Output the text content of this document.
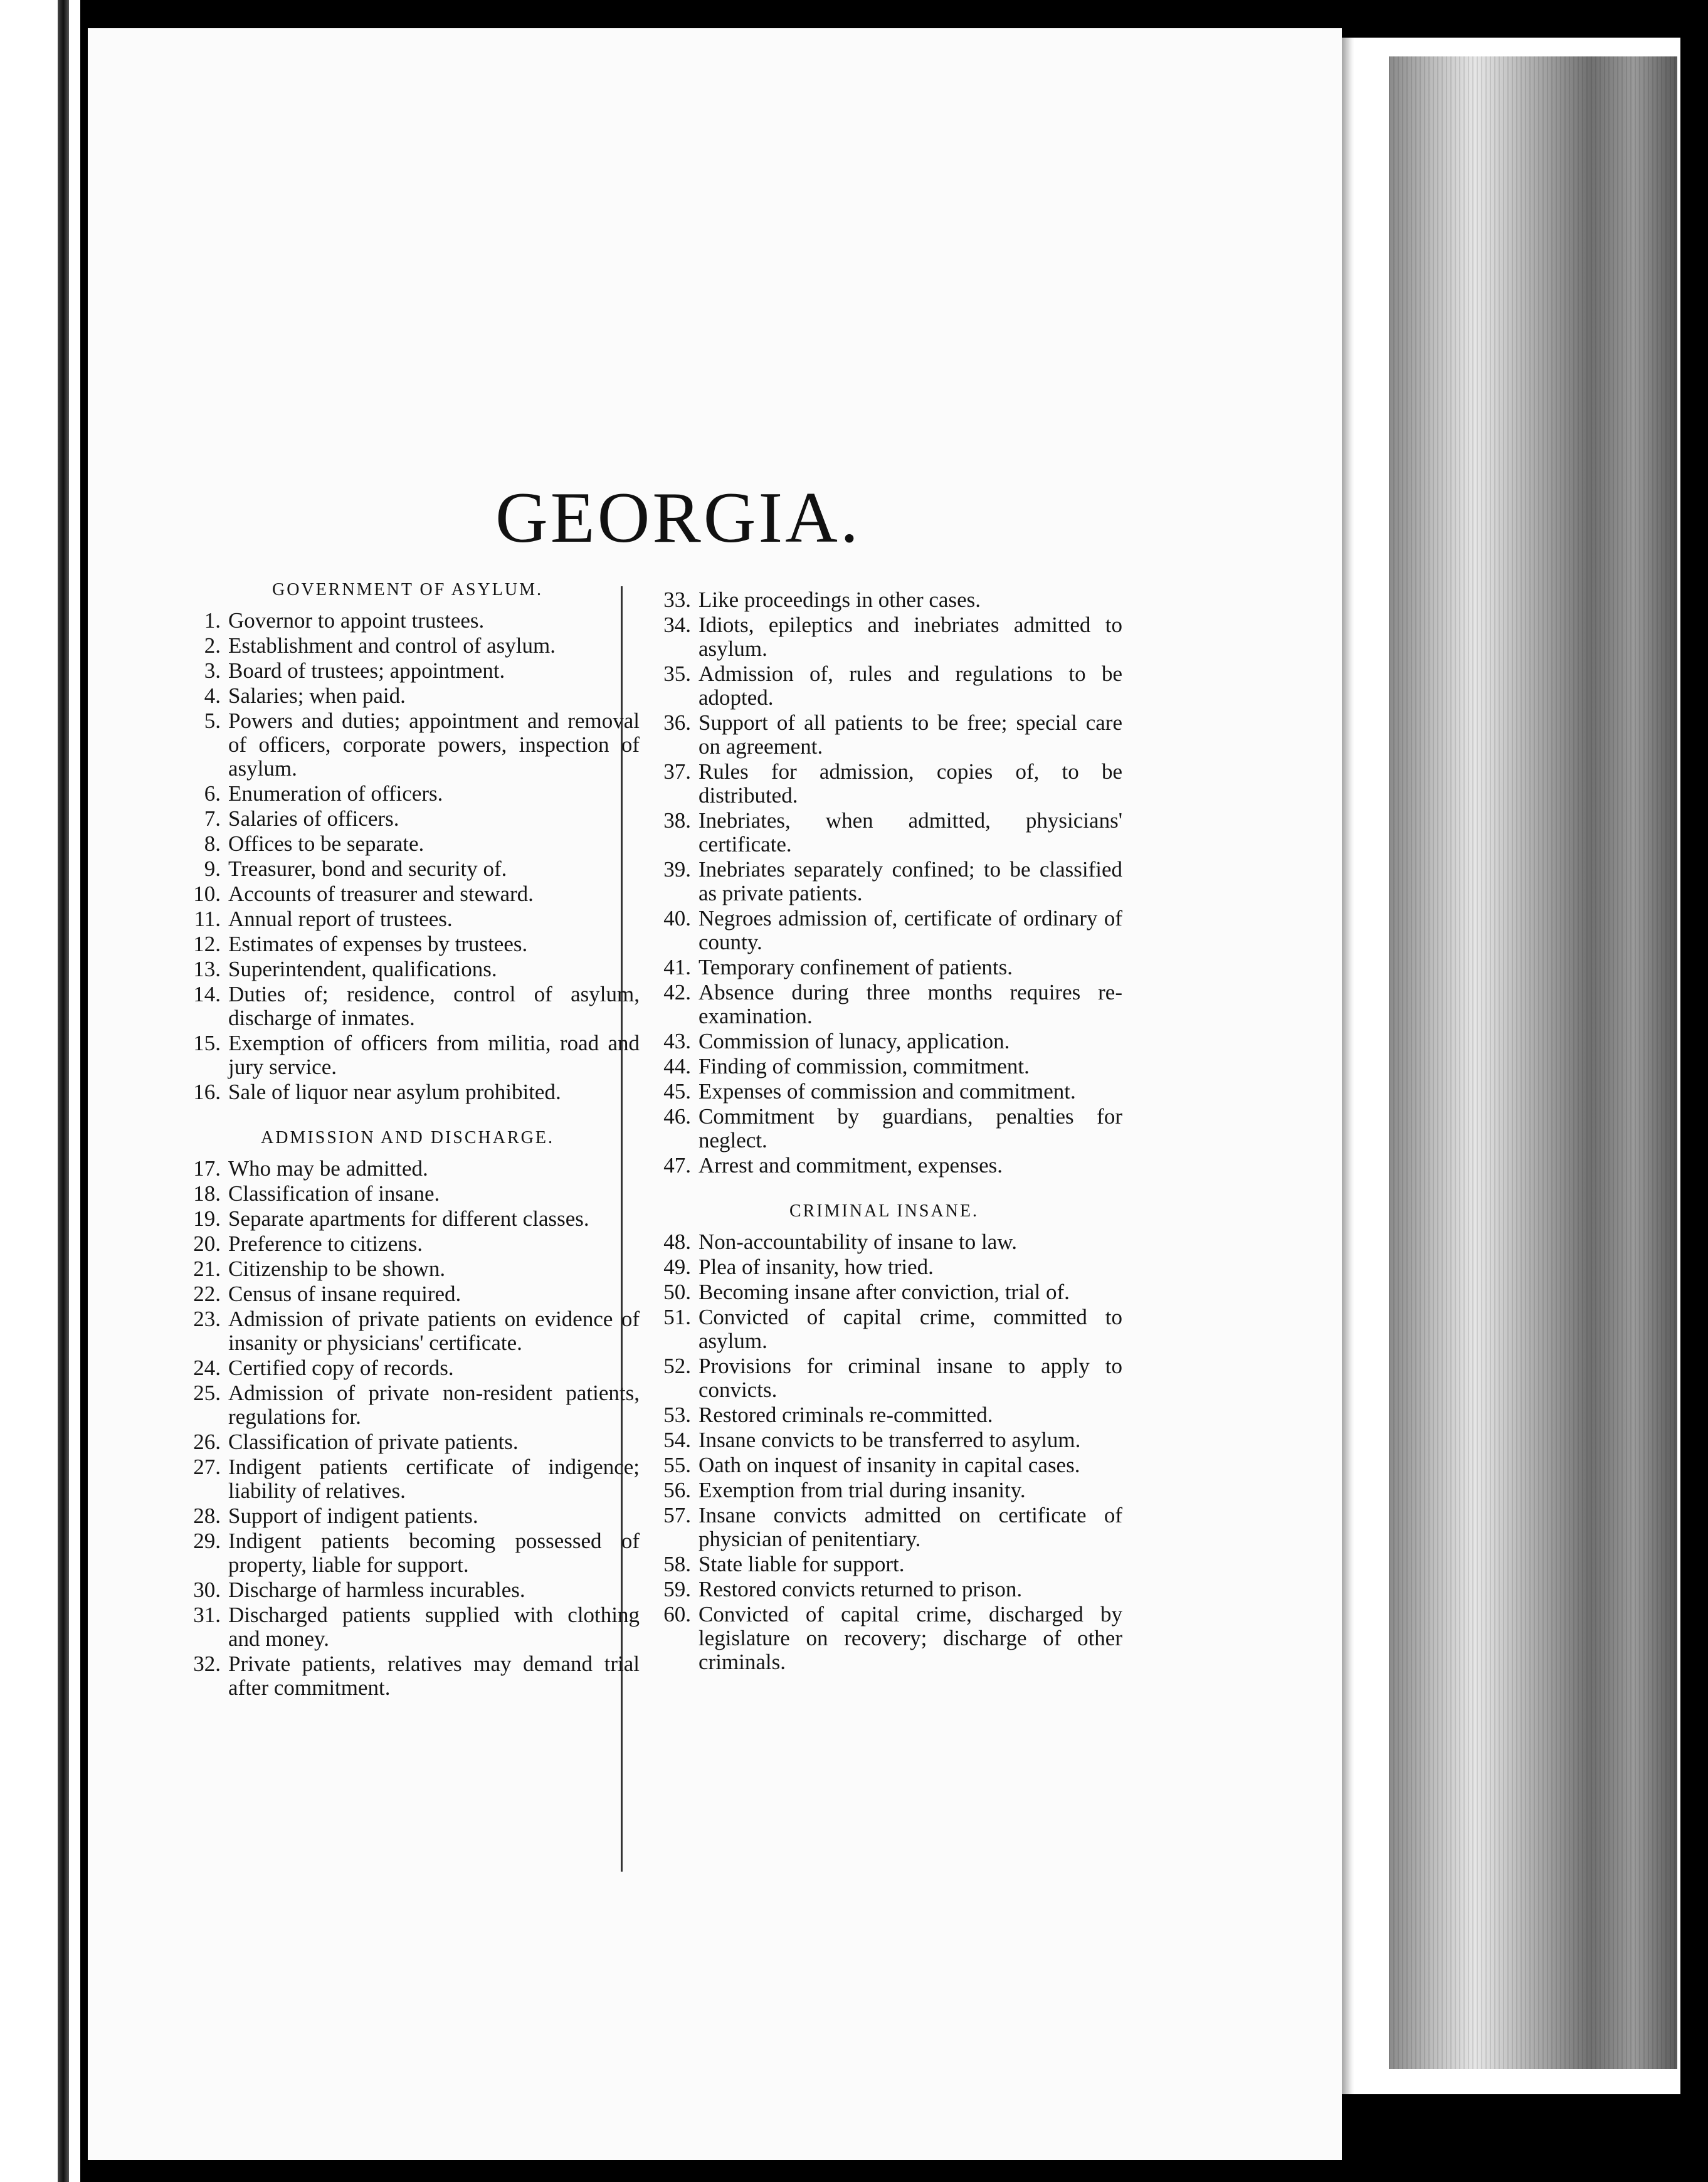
GEORGIA.
GOVERNMENT OF ASYLUM.
1. Governor to appoint trustees.
2. Establishment and control of asylum.
3. Board of trustees; appointment.
4. Salaries; when paid.
5. Powers and duties; appointment and removal of officers, corporate powers, inspection of asylum.
6. Enumeration of officers.
7. Salaries of officers.
8. Offices to be separate.
9. Treasurer, bond and security of.
10. Accounts of treasurer and steward.
11. Annual report of trustees.
12. Estimates of expenses by trustees.
13. Superintendent, qualifications.
14. Duties of; residence, control of asylum, discharge of inmates.
15. Exemption of officers from militia, road and jury service.
16. Sale of liquor near asylum prohibited.
ADMISSION AND DISCHARGE.
17. Who may be admitted.
18. Classification of insane.
19. Separate apartments for different classes.
20. Preference to citizens.
21. Citizenship to be shown.
22. Census of insane required.
23. Admission of private patients on evidence of insanity or physicians' certificate.
24. Certified copy of records.
25. Admission of private non-resident patients, regulations for.
26. Classification of private patients.
27. Indigent patients certificate of indigence; liability of relatives.
28. Support of indigent patients.
29. Indigent patients becoming possessed of property, liable for support.
30. Discharge of harmless incurables.
31. Discharged patients supplied with clothing and money.
32. Private patients, relatives may demand trial after commitment.
33. Like proceedings in other cases.
34. Idiots, epileptics and inebriates admitted to asylum.
35. Admission of, rules and regulations to be adopted.
36. Support of all patients to be free; special care on agreement.
37. Rules for admission, copies of, to be distributed.
38. Inebriates, when admitted, physicians' certificate.
39. Inebriates separately confined; to be classified as private patients.
40. Negroes admission of, certificate of ordinary of county.
41. Temporary confinement of patients.
42. Absence during three months requires re-examination.
43. Commission of lunacy, application.
44. Finding of commission, commitment.
45. Expenses of commission and commitment.
46. Commitment by guardians, penalties for neglect.
47. Arrest and commitment, expenses.
CRIMINAL INSANE.
48. Non-accountability of insane to law.
49. Plea of insanity, how tried.
50. Becoming insane after conviction, trial of.
51. Convicted of capital crime, committed to asylum.
52. Provisions for criminal insane to apply to convicts.
53. Restored criminals re-committed.
54. Insane convicts to be transferred to asylum.
55. Oath on inquest of insanity in capital cases.
56. Exemption from trial during insanity.
57. Insane convicts admitted on certificate of physician of penitentiary.
58. State liable for support.
59. Restored convicts returned to prison.
60. Convicted of capital crime, discharged by legislature on recovery; discharge of other criminals.
